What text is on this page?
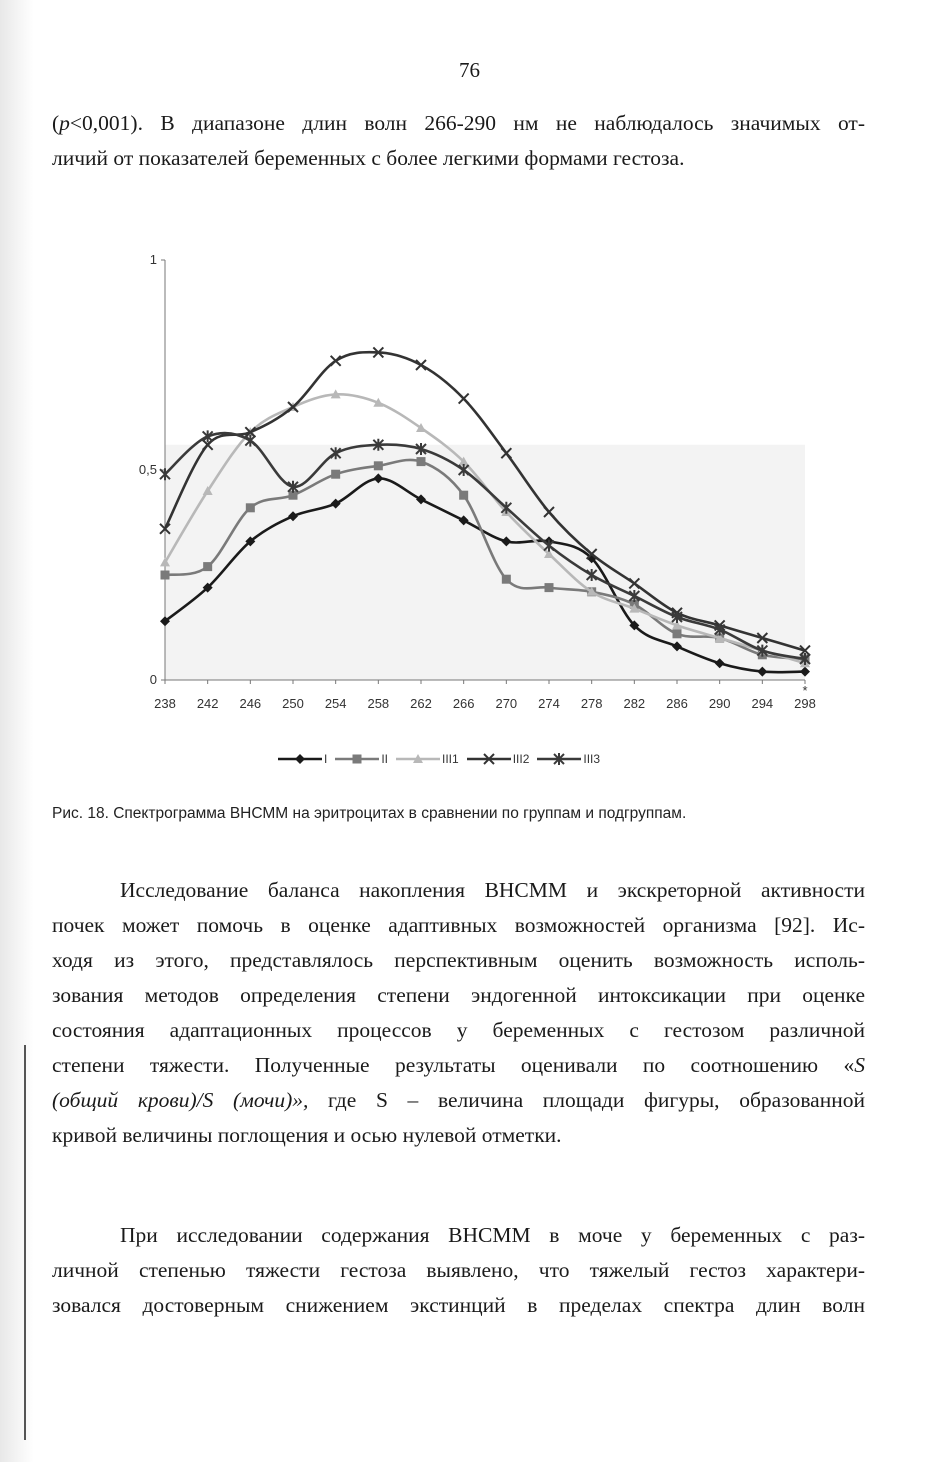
76
(p<0,001). В диапазоне длин волн 266-290 нм не наблюдалось значимых от-
личий от показателей беременных с более легкими формами гестоза.
0
0,5
1
238 242 246 250 254 258 262 266 270 274 278 282 286 290 294 298
*
I	II	III1	III2	III3
Рис. 18. Спектрограмма ВНСММ на эритроцитах в сравнении по группам и подгруппам.
Исследование баланса накопления ВНСММ и экскреторной активности
почек может помочь в оценке адаптивных возможностей организма [92]. Ис-
ходя из этого, представлялось перспективным оценить возможность исполь-
зования методов определения степени эндогенной интоксикации при оценке
состояния адаптационных процессов у беременных с гестозом различной
степени тяжести. Полученные результаты оценивали по соотношению «S
(общий крови)/S (мочи)», где S – величина площади фигуры, образованной
кривой величины поглощения и осью нулевой отметки.
При исследовании содержания ВНСММ в моче у беременных с раз-
личной степенью тяжести гестоза выявлено, что тяжелый гестоз характери-
зовался достоверным снижением экстинций в пределах спектра длин волн
